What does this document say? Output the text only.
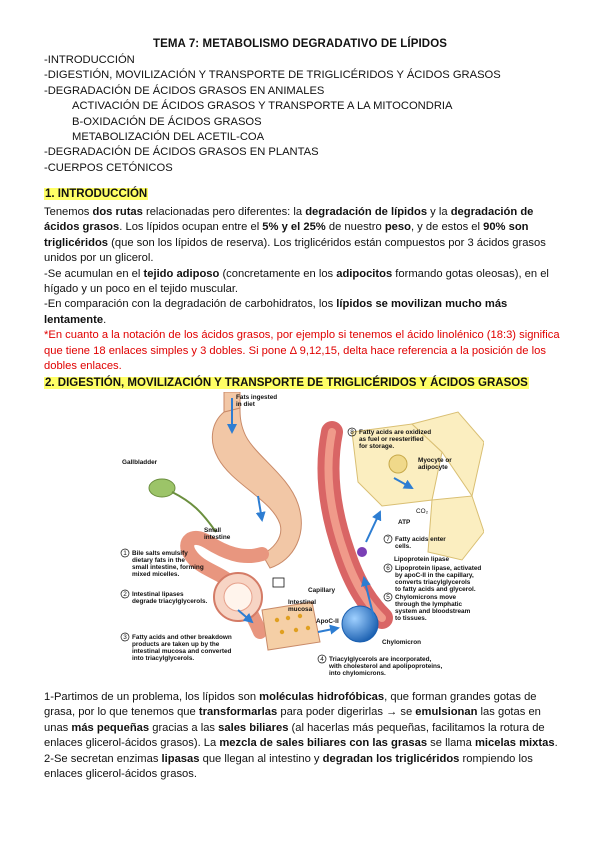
TEMA 7: METABOLISMO DEGRADATIVO DE LÍPIDOS
-INTRODUCCIÓN
-DIGESTIÓN, MOVILIZACIÓN Y TRANSPORTE DE TRIGLICÉRIDOS Y ÁCIDOS GRASOS
-DEGRADACIÓN DE ÁCIDOS GRASOS EN ANIMALES
ACTIVACIÓN DE ÁCIDOS GRASOS Y TRANSPORTE A LA MITOCONDRIA
B-OXIDACIÓN DE ÁCIDOS GRASOS
METABOLIZACIÓN DEL ACETIL-COA
-DEGRADACIÓN DE ÁCIDOS GRASOS EN PLANTAS
-CUERPOS CETÓNICOS
1. INTRODUCCIÓN

Tenemos dos rutas relacionadas pero diferentes: la degradación de lípidos y la degradación de ácidos grasos. Los lípidos ocupan entre el 5% y el 25% de nuestro peso, y de estos el 90% son triglicéridos (que son los lípidos de reserva). Los triglicéridos están compuestos por 3 ácidos grasos unidos por un glicerol.

-Se acumulan en el tejido adiposo (concretamente en los adipocitos formando gotas oleosas), en el hígado y un poco en el tejido muscular.

-En comparación con la degradación de carbohidratos, los lípidos se movilizan mucho más lentamente.

*En cuanto a la notación de los ácidos grasos, por ejemplo si tenemos el ácido linolénico (18:3) significa que tiene 18 enlaces simples y 3 dobles. Si pone Δ 9,12,15, delta hace referencia a la posición de los dobles enlaces.

2. DIGESTIÓN, MOVILIZACIÓN Y TRANSPORTE DE TRIGLICÉRIDOS Y ÁCIDOS GRASOS
Fats ingested
in diet
Gallbladder
Small
intestine
1 Bile salts emulsify
dietary fats in the
small intestine, forming
mixed micelles.
2 Intestinal lipases
degrade triacylglycerols.
3 Fatty acids and other breakdown
products are taken up by the
intestinal mucosa and converted
into triacylglycerols.	4 Triacylglycerols are incorporated,
with cholesterol and apolipoproteins,
into chylomicrons.
5 Chylomicrons move
through the lymphatic
system and bloodstream
to tissues.
6 Lipoprotein lipase, activated
by apoC-II in the capillary,
converts triacylglycerols
to fatty acids and glycerol.
7 Fatty acids enter
cells.
8 Fatty acids are oxidized
as fuel or reesterified
for storage.
Myocyte or
adipocyte
CO₂
ATP
Lipoprotein lipase
Capillary
Intestinal
mucosa
ApoC-II
Chylomicron

1-Partimos de un problema, los lípidos son moléculas hidrofóbicas, que forman grandes gotas de grasa, por lo que tenemos que transformarlas para poder digerirlas → se emulsionan las gotas en unas más pequeñas gracias a las sales biliares (al hacerlas más pequeñas, facilitamos la rotura de enlaces glicerol-ácidos grasos). La mezcla de sales biliares con las grasas se llama micelas mixtas.

2-Se secretan enzimas lipasas que llegan al intestino y degradan los triglicéridos rompiendo los enlaces glicerol-ácidos grasos.
